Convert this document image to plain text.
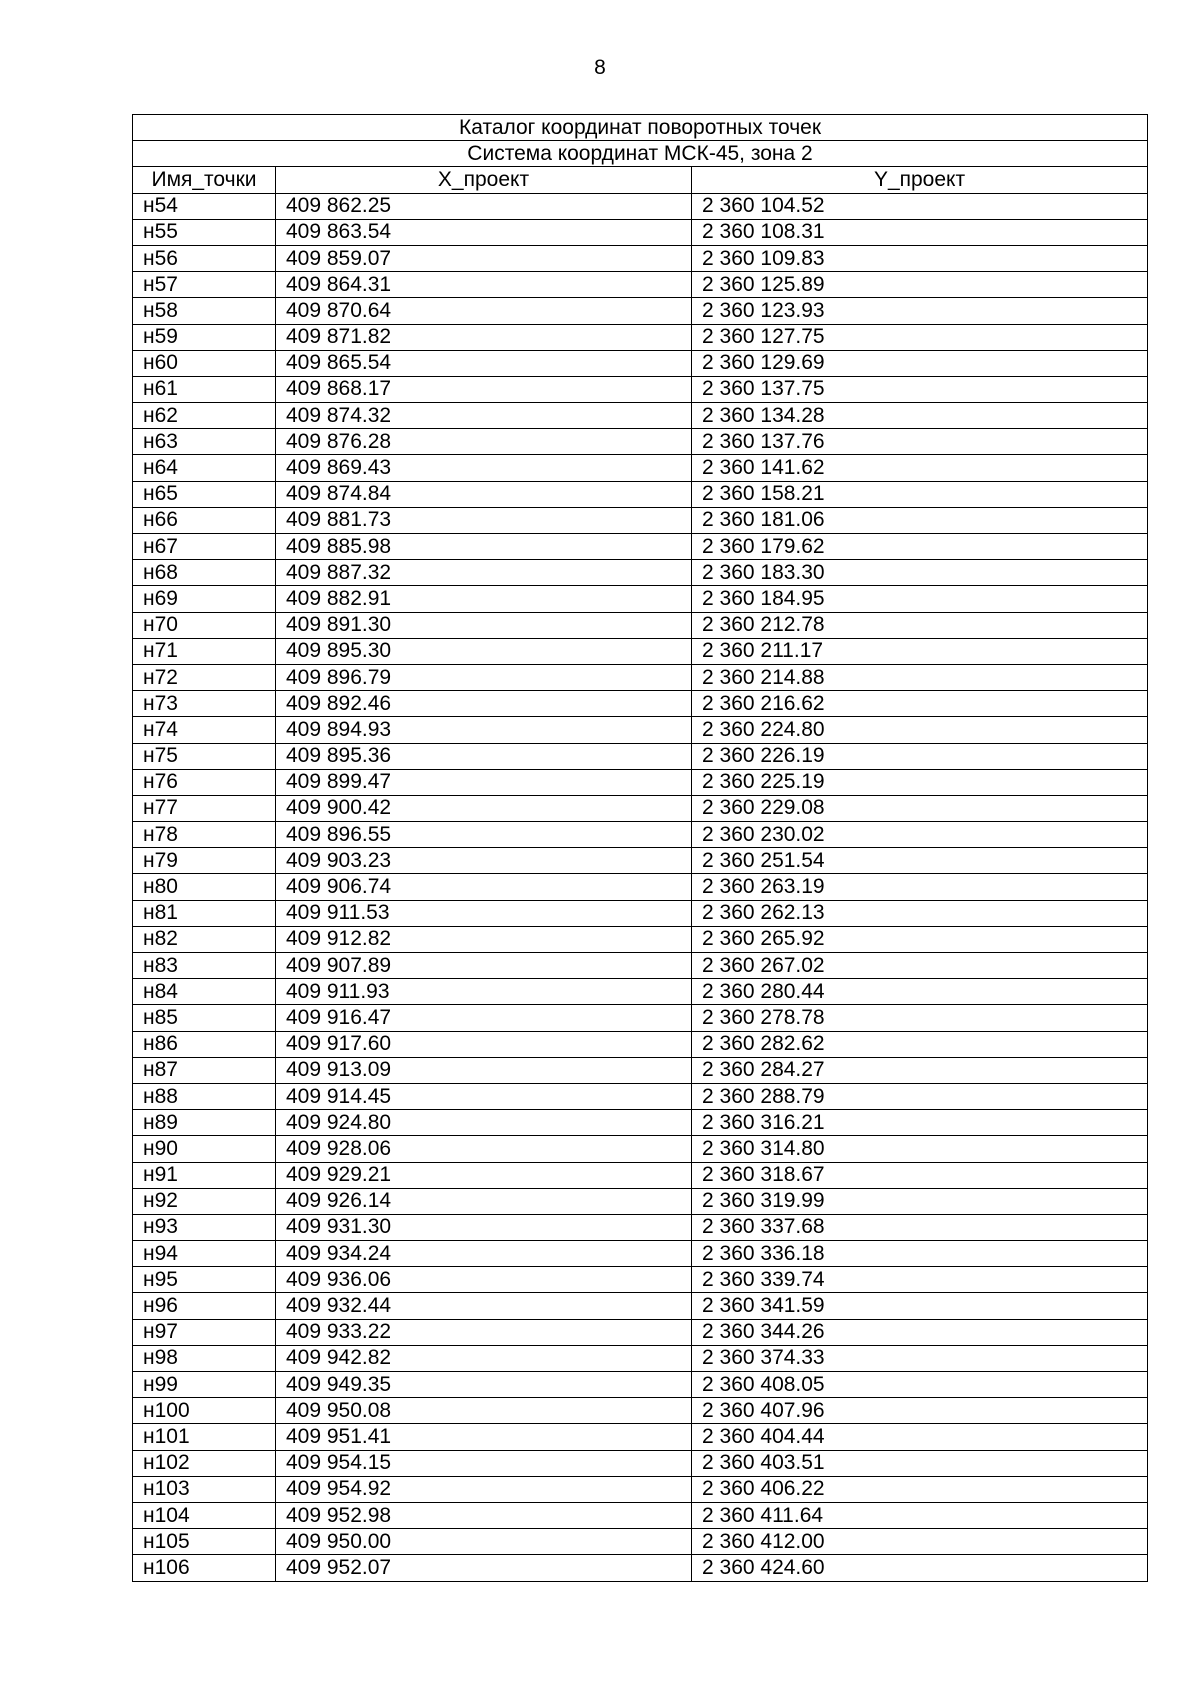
8
Каталог координат поворотных точек		
Система координат МСК-45, зона 2		
Имя_точки	X_проект	Y_проект
н54	409 862.25	2 360 104.52
н55	409 863.54	2 360 108.31
н56	409 859.07	2 360 109.83
н57	409 864.31	2 360 125.89
н58	409 870.64	2 360 123.93
н59	409 871.82	2 360 127.75
н60	409 865.54	2 360 129.69
н61	409 868.17	2 360 137.75
н62	409 874.32	2 360 134.28
н63	409 876.28	2 360 137.76
н64	409 869.43	2 360 141.62
н65	409 874.84	2 360 158.21
н66	409 881.73	2 360 181.06
н67	409 885.98	2 360 179.62
н68	409 887.32	2 360 183.30
н69	409 882.91	2 360 184.95
н70	409 891.30	2 360 212.78
н71	409 895.30	2 360 211.17
н72	409 896.79	2 360 214.88
н73	409 892.46	2 360 216.62
н74	409 894.93	2 360 224.80
н75	409 895.36	2 360 226.19
н76	409 899.47	2 360 225.19
н77	409 900.42	2 360 229.08
н78	409 896.55	2 360 230.02
н79	409 903.23	2 360 251.54
н80	409 906.74	2 360 263.19
н81	409 911.53	2 360 262.13
н82	409 912.82	2 360 265.92
н83	409 907.89	2 360 267.02
н84	409 911.93	2 360 280.44
н85	409 916.47	2 360 278.78
н86	409 917.60	2 360 282.62
н87	409 913.09	2 360 284.27
н88	409 914.45	2 360 288.79
н89	409 924.80	2 360 316.21
н90	409 928.06	2 360 314.80
н91	409 929.21	2 360 318.67
н92	409 926.14	2 360 319.99
н93	409 931.30	2 360 337.68
н94	409 934.24	2 360 336.18
н95	409 936.06	2 360 339.74
н96	409 932.44	2 360 341.59
н97	409 933.22	2 360 344.26
н98	409 942.82	2 360 374.33
н99	409 949.35	2 360 408.05
н100	409 950.08	2 360 407.96
н101	409 951.41	2 360 404.44
н102	409 954.15	2 360 403.51
н103	409 954.92	2 360 406.22
н104	409 952.98	2 360 411.64
н105	409 950.00	2 360 412.00
н106	409 952.07	2 360 424.60
